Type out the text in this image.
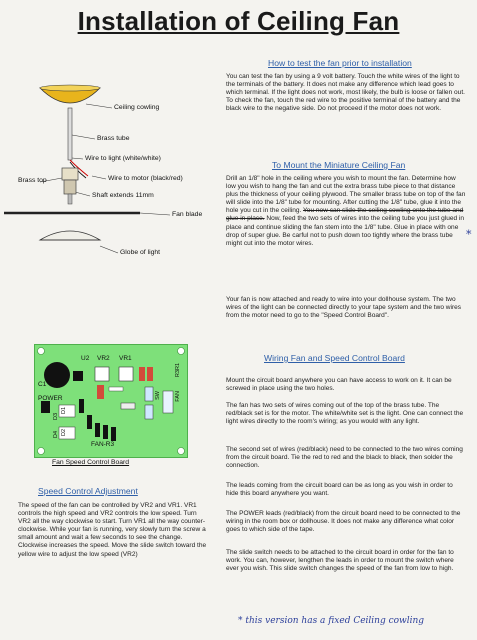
Installation of Ceiling Fan
Ceiling cowling
Brass tube
Wire to light (white/white)
Brass top	Wire to motor (black/red)
Shaft extends 11mm
Fan blade
Globe of light
How to test the fan prior to installation
You can test the fan by using a 9 volt battery. Touch the white wires of the light to the terminals of the battery. It does not make any difference which lead goes to which terminal. If the light does not work, most likely, the bulb is loose or fallen out. To check the fan, touch the red wire to the positive terminal of the battery and the black wire to the negative side. Do not proceed if the motor does not work.
To Mount the Miniature Ceiling Fan
Drill an 1/8" hole in the ceiling where you wish to mount the fan. Determine how low you wish to hang the fan and cut the extra brass tube piece to that distance plus the thickness of your ceiling plywood. The smaller brass tube on top of the fan will slide into the 1/8" tube for mounting. After cutting the 1/8" tube, glue it into the hole you cut in the ceiling. You now can slide the ceiling cowling onto the tube and glue in place. Now, feed the two sets of wires into the ceiling tube you just glued in place and continue sliding the fan stem into the 1/8" tube. Glue in place with one drop of super glue. Be carful not to push down too tightly where the brass tube might cut into the motor wires.
*
Your fan is now attached and ready to wire into your dollhouse system. The two wires of the light can be connected directly to your tape system and the two wires from the motor need to go to the "Speed Control Board".
Wiring Fan and Speed Control Board
Mount the circuit board anywhere you can have access to work on it. It can be screwed in place using the two holes.
The fan has two sets of wires coming out of the top of the brass tube. The red/black set is for the motor. The white/white set is the light. One can connect the light wires directly to the room's wiring; as you would with any light.
The second set of wires (red/black) need to be connected to the two wires coming from the circuit board. Tie the red to red and the black to black, then solder the connection.
The leads coming from the circuit board can be as long as you wish in order to hide this board anywhere you want.
The POWER leads (red/black) from the circuit board need to be connected to the wiring in the room box or dollhouse. It does not make any difference what color goes to which side of the tape.
The slide switch needs to be attached to the circuit board in order for the fan to work. You can, however, lengthen the leads in order to mount the switch where ever you wish. This slide switch changes the speed of the fan from low to high.
U2 VR2 VR1
C1
POWER	SW	FAN
R3R1
D1
D2
D3
D4
FAN-R3
Fan Speed Control Board
Speed Control Adjustment
The speed of the fan can be controlled by VR2 and VR1. VR1 controls the high speed and VR2 controls the low speed. Turn VR2 all the way clockwise to start. Turn VR1 all the way counter-clockwise. While your fan is running, very slowly turn the screw a small amount and wait a few seconds to see the change. Clockwise increases the speed. Move the slide switch toward the yellow wire to adjust the low speed (VR2)
* this version has a fixed Ceiling cowling
